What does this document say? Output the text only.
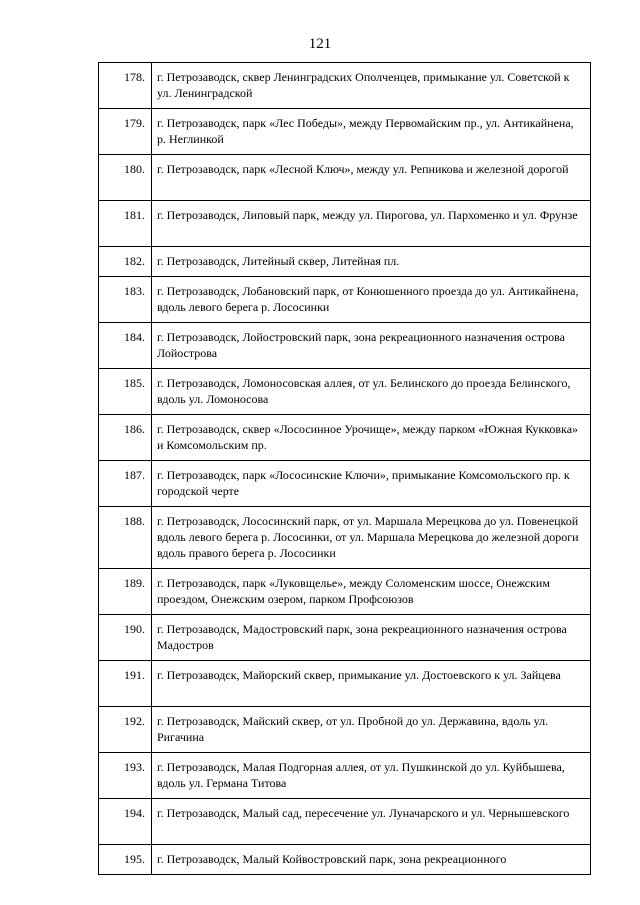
121
178.	г. Петрозаводск, сквер Ленинградских Ополченцев, примыкание ул. Советской к ул. Ленинградской
179.	г. Петрозаводск, парк «Лес Победы», между Первомайским пр., ул. Антикайнена, р. Неглинкой
180.	г. Петрозаводск, парк «Лесной Ключ», между ул. Репникова и железной дорогой
181.	г. Петрозаводск, Липовый парк, между ул. Пирогова, ул. Пархоменко и ул. Фрунзе
182.	г. Петрозаводск, Литейный сквер, Литейная пл.
183.	г. Петрозаводск, Лобановский парк, от Конюшенного проезда до ул. Антикайнена, вдоль левого берега р. Лососинки
184.	г. Петрозаводск, Лойостровский парк, зона рекреационного назначения острова Лойострова
185.	г. Петрозаводск, Ломоносовская аллея, от ул. Белинского до проезда Белинского, вдоль ул. Ломоносова
186.	г. Петрозаводск, сквер «Лососинное Урочище», между парком «Южная Кукковка» и Комсомольским пр.
187.	г. Петрозаводск, парк «Лососинские Ключи», примыкание Комсомольского пр. к городской черте
188.	г. Петрозаводск, Лососинский парк, от ул. Маршала Мерецкова до ул. Повенецкой вдоль левого берега р. Лососинки, от ул. Маршала Мерецкова до железной дороги вдоль правого берега р. Лососинки
189.	г. Петрозаводск, парк «Луковщелье», между Соломенским шоссе, Онежским проездом, Онежским озером, парком Профсоюзов
190.	г. Петрозаводск, Мадостровский парк, зона рекреационного назначения острова Мадостров
191.	г. Петрозаводск, Майорский сквер, примыкание ул. Достоевского к ул. Зайцева
192.	г. Петрозаводск, Майский сквер, от ул. Пробной до ул. Державина, вдоль ул. Ригачина
193.	г. Петрозаводск, Малая Подгорная аллея, от ул. Пушкинской до ул. Куйбышева, вдоль ул. Германа Титова
194.	г. Петрозаводск, Малый сад, пересечение ул. Луначарского и ул. Чернышевского
195.	г. Петрозаводск, Малый Койвостровский парк, зона рекреационного
